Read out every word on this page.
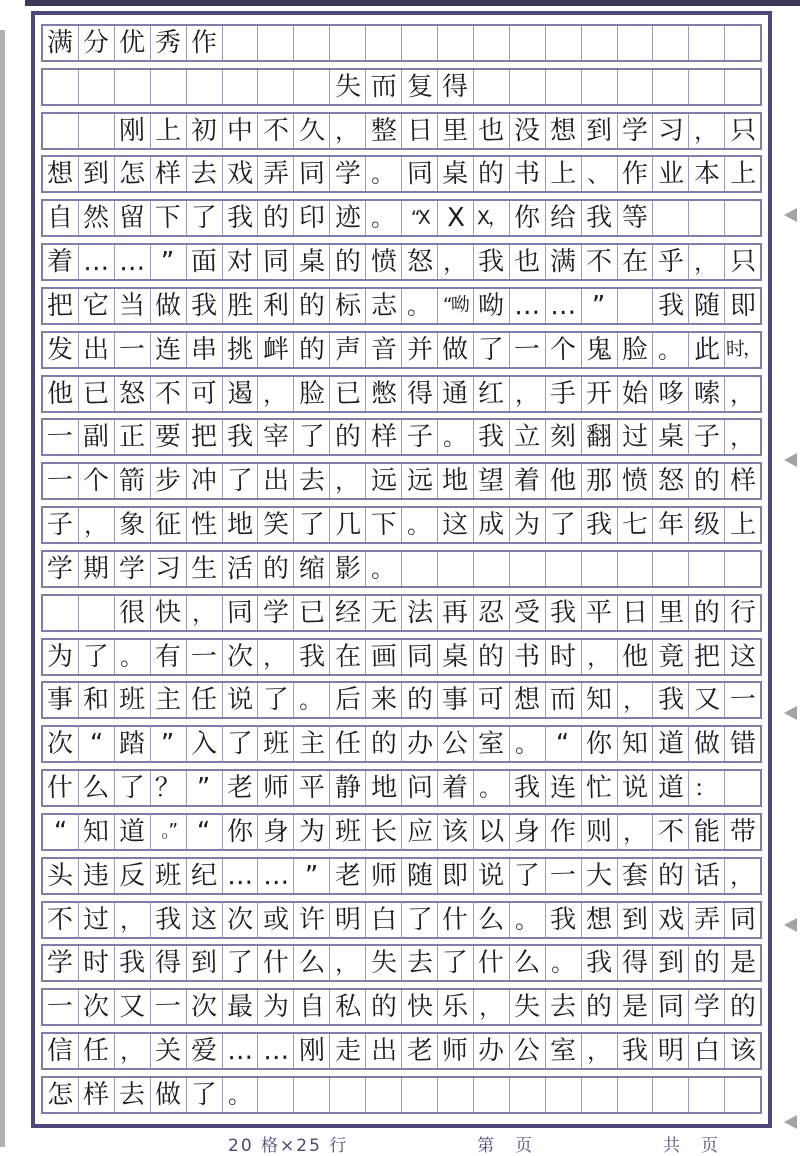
满 分 优 秀 作
失 而 复 得
刚 上 初 中 不 久 ， 整 日 里 也 没 想 到 学 习 ， 只
想 到 怎 样 去 戏 弄 同 学 。 同 桌 的 书 上 、 作 业 本 上
自 然 留 下 了 我 的 印 迹 。 “X X X， 你 给 我 等
着 … … ” 面 对 同 桌 的 愤 怒 ， 我 也 满 不 在 乎 ， 只
把 它 当 做 我 胜 利 的 标 志 。 “呦 呦 … … ” 我 随 即
发 出 一 连 串 挑 衅 的 声 音 并 做 了 一 个 鬼 脸 。 此 时，
他 已 怒 不 可 遏 ， 脸 已 憋 得 通 红 ， 手 开 始 哆 嗦 ，
一 副 正 要 把 我 宰 了 的 样 子 。 我 立 刻 翻 过 桌 子 ，
一 个 箭 步 冲 了 出 去 ， 远 远 地 望 着 他 那 愤 怒 的 样
子 ， 象 征 性 地 笑 了 几 下 。 这 成 为 了 我 七 年 级 上
学 期 学 习 生 活 的 缩 影 。
很 快 ， 同 学 已 经 无 法 再 忍 受 我 平 日 里 的 行
为 了 。 有 一 次 ， 我 在 画 同 桌 的 书 时 ， 他 竟 把 这
事 和 班 主 任 说 了 。 后 来 的 事 可 想 而 知 ， 我 又 一
次 “ 踏 ” 入 了 班 主 任 的 办 公 室 。 “ 你 知 道 做 错
什 么 了 ？ ” 老 师 平 静 地 问 着 。 我 连 忙 说 道 ：
“ 知 道 。” “ 你 身 为 班 长 应 该 以 身 作 则 ， 不 能 带
头 违 反 班 纪 … … ” 老 师 随 即 说 了 一 大 套 的 话 ，
不 过 ， 我 这 次 或 许 明 白 了 什 么 。 我 想 到 戏 弄 同
学 时 我 得 到 了 什 么 ， 失 去 了 什 么 。 我 得 到 的 是
一 次 又 一 次 最 为 自 私 的 快 乐 ， 失 去 的 是 同 学 的
信 任 ， 关 爱 … … 刚 走 出 老 师 办 公 室 ， 我 明 白 该
怎 样 去 做 了 。
20 格×25 行	第　页	共　页
